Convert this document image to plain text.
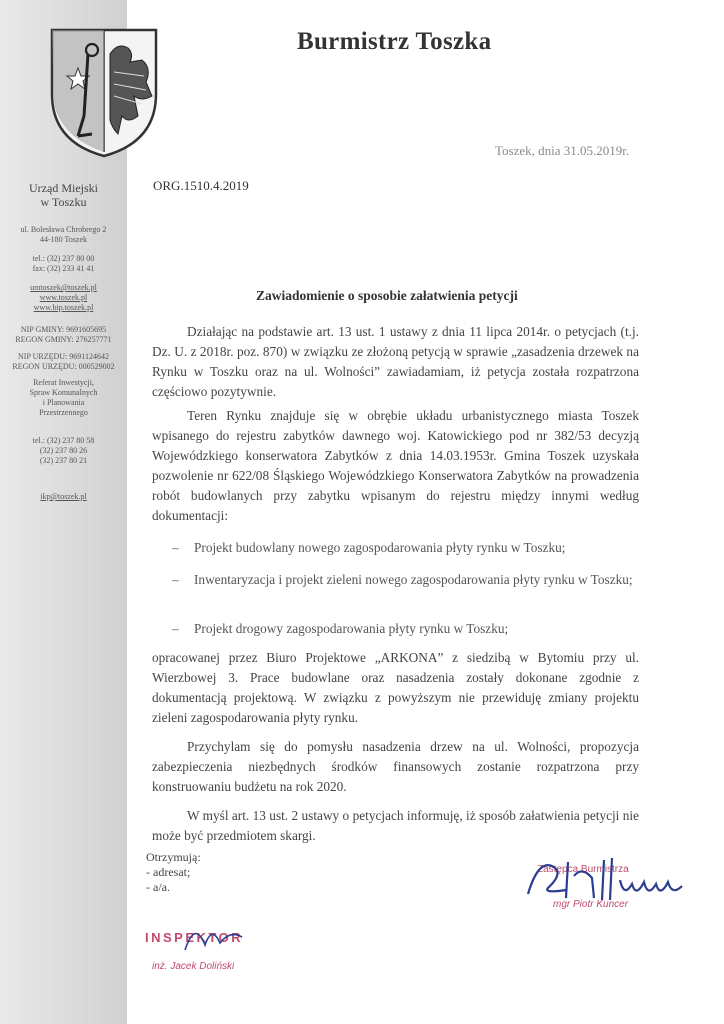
Urząd Miejski
w Toszku
ul. Bolesława Chrobrego 2
44-180 Toszek
tel.: (32) 237 80 00
fax: (32) 233 41 41
umtoszek@toszek.pl
www.toszek.pl
www.bip.toszek.pl
NIP GMINY: 9691605695
REGON GMINY: 276257771
NIP URZĘDU: 9691124642
REGON URZĘDU: 000529002
Referat Inwestycji,
Spraw Komunalnych
i Planowania
Przestrzennego
tel.: (32) 237 80 58
(32) 237 80 26
(32) 237 80 21
ikp@toszek.pl
Burmistrz Toszka
Toszek, dnia 31.05.2019r.
ORG.1510.4.2019
Zawiadomienie o sposobie załatwienia petycji
Działając na podstawie art. 13 ust. 1 ustawy z dnia 11 lipca 2014r. o petycjach (t.j. Dz. U. z 2018r. poz. 870) w związku ze złożoną petycją w sprawie „zasadzenia drzewek na Rynku w Toszku oraz na ul. Wolności” zawiadamiam, iż petycja została rozpatrzona częściowo pozytywnie.
Teren Rynku znajduje się w obrębie układu urbanistycznego miasta Toszek wpisanego do rejestru zabytków dawnego woj. Katowickiego pod nr 382/53 decyzją Wojewódzkiego konserwatora Zabytków z dnia 14.03.1953r. Gmina Toszek uzyskała pozwolenie nr 622/08 Śląskiego Wojewódzkiego Konserwatora Zabytków na prowadzenia robót budowlanych przy zabytku wpisanym do rejestru między innymi według dokumentacji:
– Projekt budowlany nowego zagospodarowania płyty rynku w Toszku;
– Inwentaryzacja i projekt zieleni nowego zagospodarowania płyty rynku w Toszku;
– Projekt drogowy zagospodarowania płyty rynku w Toszku;
opracowanej przez Biuro Projektowe „ARKONA” z siedzibą w Bytomiu przy ul. Wierzbowej 3. Prace budowlane oraz nasadzenia zostały dokonane zgodnie z dokumentacją projektową. W związku z powyższym nie przewiduję zmiany projektu zieleni zagospodarowania płyty rynku.
Przychylam się do pomysłu nasadzenia drzew na ul. Wolności, propozycja zabezpieczenia niezbędnych środków finansowych zostanie rozpatrzona przy konstruowaniu budżetu na rok 2020.
W myśl art. 13 ust. 2 ustawy o petycjach informuję, iż sposób załatwienia petycji nie może być przedmiotem skargi.
Otrzymują:
- adresat;
- a/a.
INSPEKTOR
inż. Jacek Doliński
Zastępca Burmistrza
mgr Piotr Kuncer
